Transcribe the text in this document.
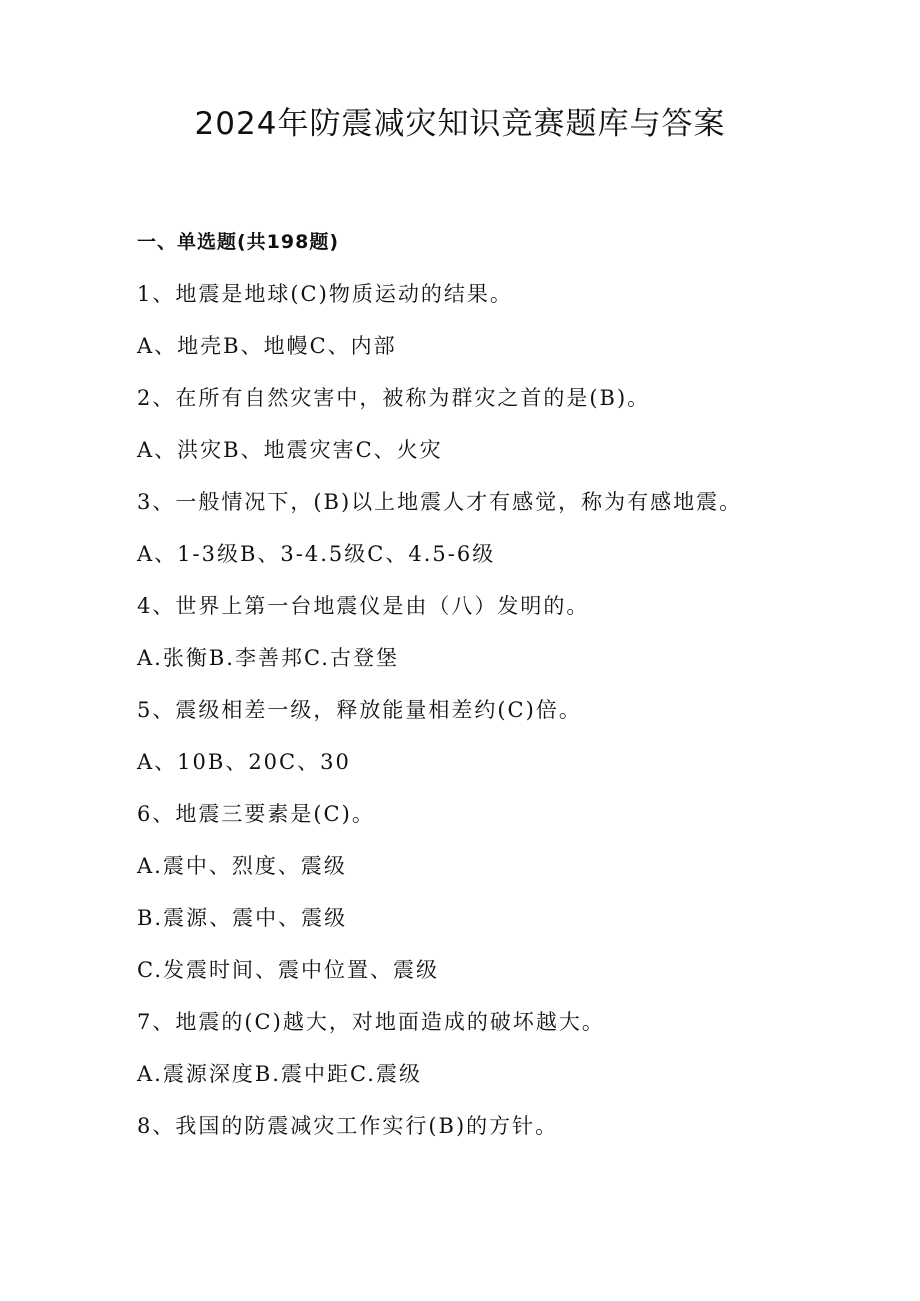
2024年防震减灾知识竞赛题库与答案
一、单选题(共198题)
1、地震是地球(C)物质运动的结果。
A、地壳B、地幔C、内部
2、在所有自然灾害中，被称为群灾之首的是(B)。
A、洪灾B、地震灾害C、火灾
3、一般情况下，(B)以上地震人才有感觉，称为有感地震。
A、1-3级B、3-4.5级C、4.5-6级
4、世界上第一台地震仪是由（八）发明的。
A.张衡B.李善邦C.古登堡
5、震级相差一级，释放能量相差约(C)倍。
A、10B、20C、30
6、地震三要素是(C)。
A.震中、烈度、震级
B.震源、震中、震级
C.发震时间、震中位置、震级
7、地震的(C)越大，对地面造成的破坏越大。
A.震源深度B.震中距C.震级
8、我国的防震减灾工作实行(B)的方针。
